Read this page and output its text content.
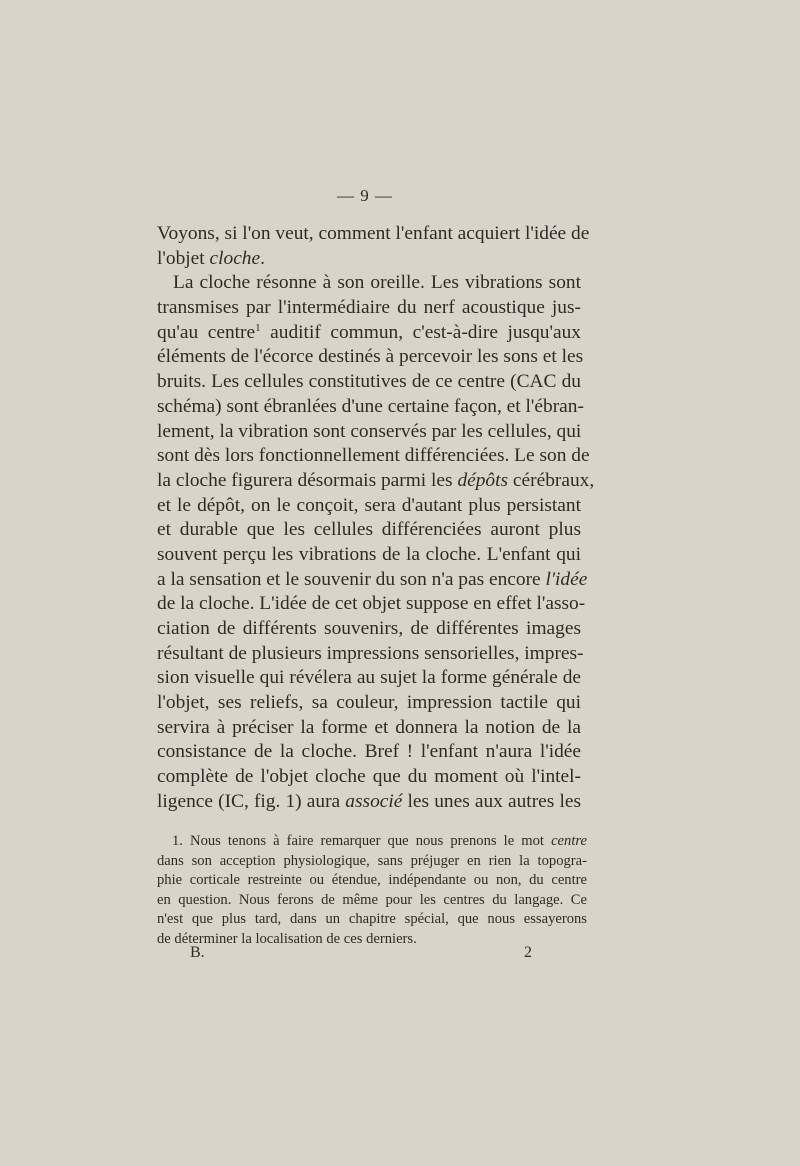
— 9 —
Voyons, si l'on veut, comment l'enfant acquiert l'idée de
l'objet cloche.
La cloche résonne à son oreille. Les vibrations sont
transmises par l'intermédiaire du nerf acoustique jus-
qu'au centre$^1$ auditif commun, c'est-à-dire jusqu'aux
éléments de l'écorce destinés à percevoir les sons et les
bruits. Les cellules constitutives de ce centre (CAC du
schéma) sont ébranlées d'une certaine façon, et l'ébran-
lement, la vibration sont conservés par les cellules, qui
sont dès lors fonctionnellement différenciées. Le son de
la cloche figurera désormais parmi les dépôts cérébraux,
et le dépôt, on le conçoit, sera d'autant plus persistant
et durable que les cellules différenciées auront plus
souvent perçu les vibrations de la cloche. L'enfant qui
a la sensation et le souvenir du son n'a pas encore l'idée
de la cloche. L'idée de cet objet suppose en effet l'asso-
ciation de différents souvenirs, de différentes images
résultant de plusieurs impressions sensorielles, impres-
sion visuelle qui révélera au sujet la forme générale de
l'objet, ses reliefs, sa couleur, impression tactile qui
servira à préciser la forme et donnera la notion de la
consistance de la cloche. Bref ! l'enfant n'aura l'idée
complète de l'objet cloche que du moment où l'intel-
ligence (IC, fig. 1) aura associé les unes aux autres les
1. Nous tenons à faire remarquer que nous prenons le mot centre
dans son acception physiologique, sans préjuger en rien la topogra-
phie corticale restreinte ou étendue, indépendante ou non, du centre
en question. Nous ferons de même pour les centres du langage. Ce
n'est que plus tard, dans un chapitre spécial, que nous essayerons
de déterminer la localisation de ces derniers.
B.	2
